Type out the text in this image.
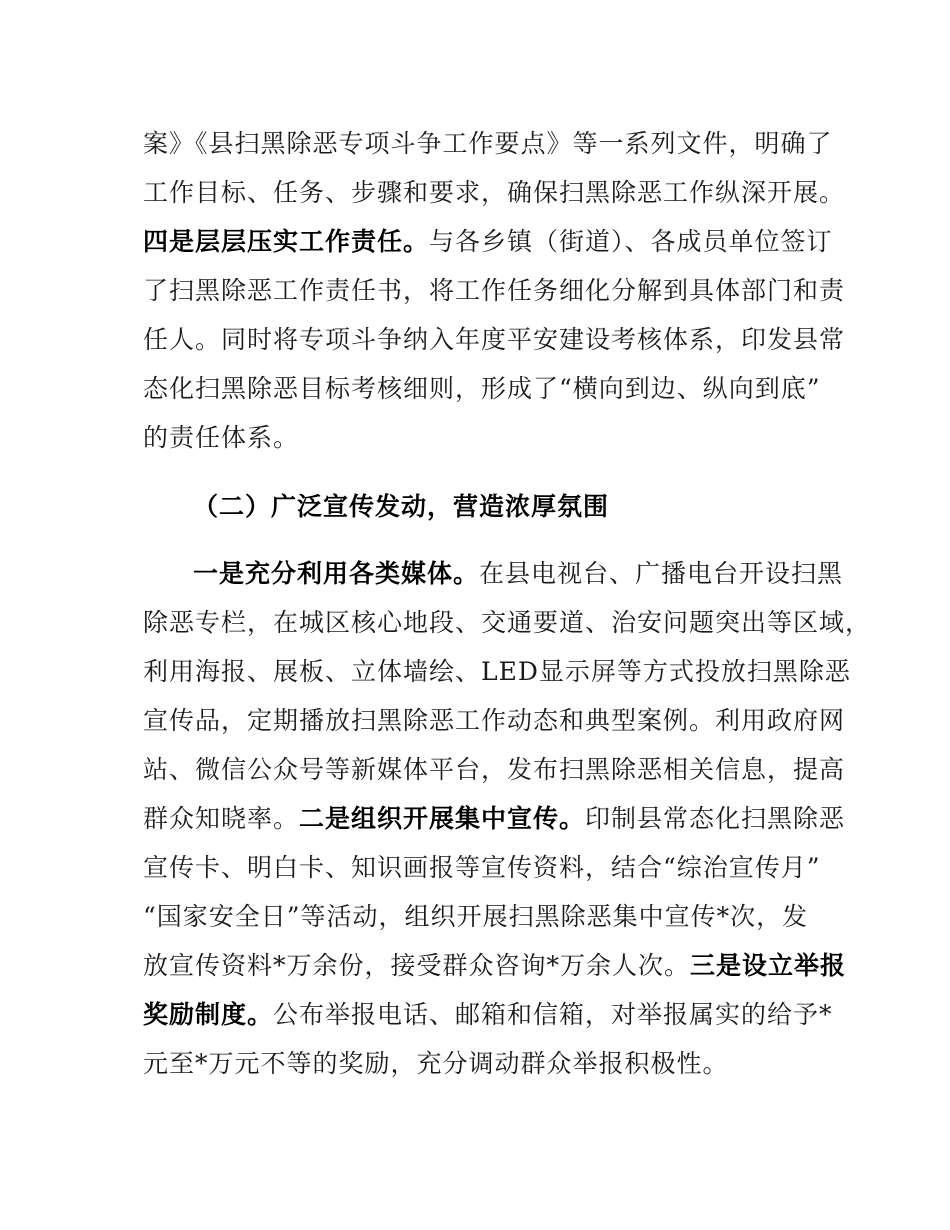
案》《县扫黑除恶专项斗争工作要点》等一系列文件，明确了
工作目标、任务、步骤和要求，确保扫黑除恶工作纵深开展。
四是层层压实工作责任。与各乡镇（街道）、各成员单位签订
了扫黑除恶工作责任书，将工作任务细化分解到具体部门和责
任人。同时将专项斗争纳入年度平安建设考核体系，印发县常
态化扫黑除恶目标考核细则，形成了“横向到边、纵向到底”
的责任体系。
（二）广泛宣传发动，营造浓厚氛围
一是充分利用各类媒体。在县电视台、广播电台开设扫黑
除恶专栏，在城区核心地段、交通要道、治安问题突出等区域，
利用海报、展板、立体墙绘、LED显示屏等方式投放扫黑除恶
宣传品，定期播放扫黑除恶工作动态和典型案例。利用政府网
站、微信公众号等新媒体平台，发布扫黑除恶相关信息，提高
群众知晓率。二是组织开展集中宣传。印制县常态化扫黑除恶
宣传卡、明白卡、知识画报等宣传资料，结合“综治宣传月”
“国家安全日”等活动，组织开展扫黑除恶集中宣传*次，发
放宣传资料*万余份，接受群众咨询*万余人次。三是设立举报
奖励制度。公布举报电话、邮箱和信箱，对举报属实的给予*
元至*万元不等的奖励，充分调动群众举报积极性。
